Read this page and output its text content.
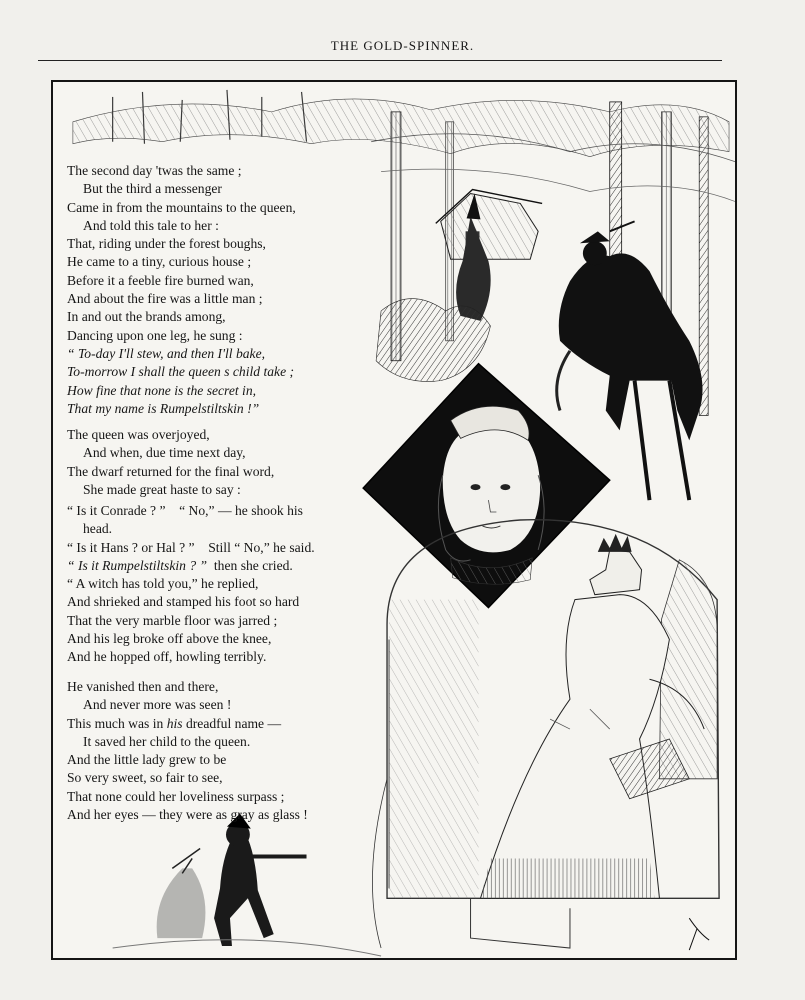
THE GOLD-SPINNER.
The second day 'twas the same ;
But the third a messenger
Came in from the mountains to the queen,
And told this tale to her :
That, riding under the forest boughs,
He came to a tiny, curious house ;
Before it a feeble fire burned wan,
And about the fire was a little man ;
In and out the brands among,
Dancing upon one leg, he sung :
“ To-day I'll stew, and then I'll bake,
To-morrow I shall the queen s child take ;
How fine that none is the secret in,
That my name is Rumpelstiltskin !”
The queen was overjoyed,
And when, due time next day,
The dwarf returned for the final word,
She made great haste to say :
“ Is it Conrade ? ” “ No,” — he shook his
head.
“ Is it Hans ? or Hal ? ” Still “ No,” he said.
“ Is it Rumpelstiltskin ? ” then she cried.
“ A witch has told you,” he replied,
And shrieked and stamped his foot so hard
That the very marble floor was jarred ;
And his leg broke off above the knee,
And he hopped off, howling terribly.
He vanished then and there,
And never more was seen !
This much was in his dreadful name —
It saved her child to the queen.
And the little lady grew to be
So very sweet, so fair to see,
That none could her loveliness surpass ;
And her eyes — they were as gray as glass !
